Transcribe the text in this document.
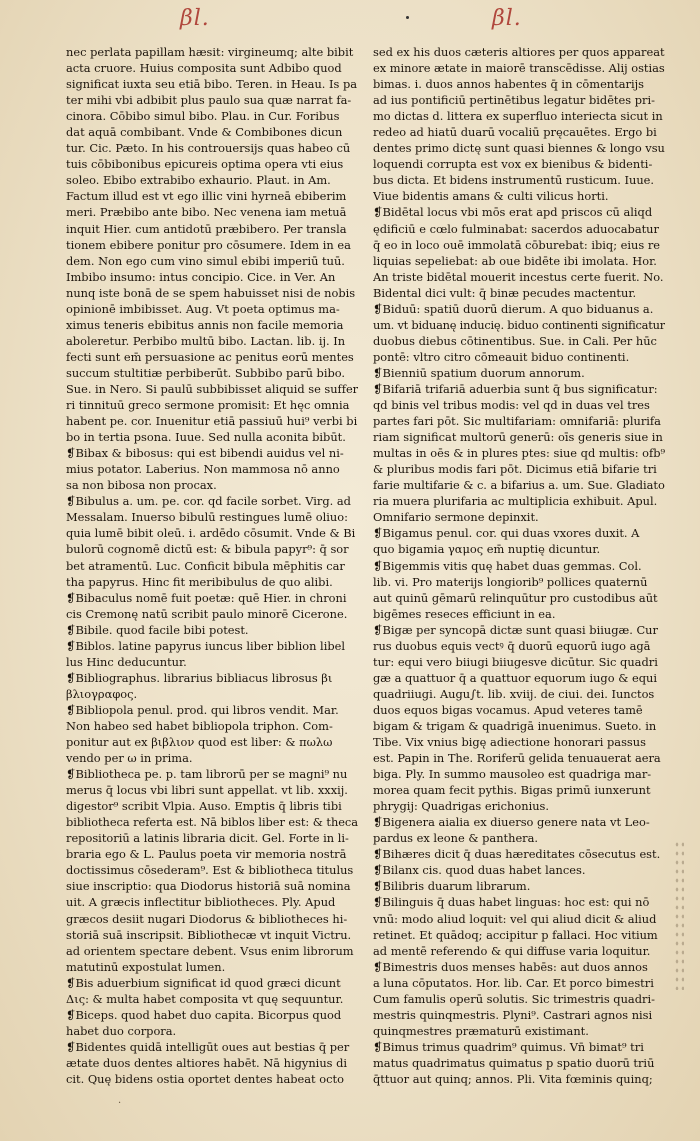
βl.	βl.
nec perlata papillam hæsit: virgineumq; alte bibit
acta cruore. Huius composita sunt Adbibo quod
significat iuxta seu etiā bibo. Teren. in Heau. Is pa
ter mihi vbi adbibit plus paulo sua quæ narrat fa-
cinora. Cōbibo simul bibo. Plau. in Cur. Foribus
dat aquā combibant. Vnde & Combibones dicun
tur. Cic. Pæto. In his controuersijs quas habeo cū
tuis cōbibonibus epicureis optima opera vti eius
soleo. Ebibo extrabibo exhaurio. Plaut. in Am.
Factum illud est vt ego illic vini hyrneā ebiberim
meri. Præbibo ante bibo. Nec venena iam metuā
inquit Hier. cum antidotū præbibero. Per transla
tionem ebibere ponitur pro cōsumere. Idem in ea
dem. Non ego cum vino simul ebibi imperiū tuū.
Imbibo insumo: intus concipio. Cice. in Ver. An
nunq iste bonā de se spem habuisset nisi de nobis
opinionē imbibisset. Aug. Vt poeta optimus ma-
ximus teneris ebibitus annis non facile memoria
aboleretur. Perbibo multū bibo. Lactan. lib. ij. In
fecti sunt em̄ persuasione ac penitus eorū mentes
succum stultitiæ perbiberūt. Subbibo parū bibo.
Sue. in Nero. Si paulū subbibisset aliquid se suffer
ri tinnituū greco sermone promisit: Et hęc omnia
habent pe. cor. Inuenitur etiā passiuū hui⁹ verbi bi
bo in tertia psona. Iuue. Sed nulla aconita bibūt.
❡Bibax & bibosus: qui est bibendi auidus vel ni-
mius potator. Laberius. Non mammosa nō anno
sa non bibosa non procax.
❡Bibulus a. um. pe. cor. qd facile sorbet. Virg. ad
Messalam. Inuerso bibulū restingues lumē oliuo:
quia lumē bibit oleū. i. ardēdo cōsumit. Vnde & Bi
bulorū cognomē dictū est: & bibula papyr⁹: q̄ sor
bet atramentū. Luc. Conficit bibula mēphitis car
tha papyrus. Hinc fit meribibulus de quo alibi.
❡Bibaculus nomē fuit poetæ: quē Hier. in chroni
cis Cremonę natū scribit paulo minorē Cicerone.
❡Bibile. quod facile bibi potest.
❡Biblos. latine papyrus iuncus liber biblion libel
lus Hinc deducuntur.
❡Bibliographus. librarius bibliacus librosus βι
βλιογραφος.
❡Bibliopola penul. prod. qui libros vendit. Mar.
Non habeo sed habet bibliopola triphon. Com-
ponitur aut ex βιβλιον quod est liber: & πωλω
vendo per ω in prima.
❡Bibliotheca pe. p. tam librorū per se magni⁹ nu
merus q̄ locus vbi libri sunt appellat. vt lib. xxxij.
digestor⁹ scribit Vlpia. Auso. Emptis q̄ libris tibi
bibliotheca referta est. Nā biblos liber est: & theca
repositoriū a latinis libraria dicit. Gel. Forte in li-
braria ego & L. Paulus poeta vir memoria nostrā
doctissimus cōsederam⁹. Est & bibliotheca titulus
siue inscriptio: qua Diodorus historiā suā nomina
uit. A græcis inflectitur bibliotheces. Ply. Apud
græcos desiit nugari Diodorus & bibliotheces hi-
storiā suā inscripsit. Bibliothecæ vt inquit Victru.
ad orientem spectare debent. Vsus enim librorum
matutinū expostulat lumen.
❡Bis aduerbium significat id quod græci dicunt
Δις: & multa habet composita vt quę sequuntur.
❡Biceps. quod habet duo capita. Bicorpus quod
habet duo corpora.
❡Bidentes quidā intelligūt oues aut bestias q̄ per
ætate duos dentes altiores habēt. Nā higynius di
cit. Quę bidens ostia oportet dentes habeat octo
sed ex his duos cæteris altiores per quos appareat
ex minore ætate in maiorē transcēdisse. Alij ostias
bimas. i. duos annos habentes q̄ in cōmentarijs
ad ius pontificiū pertinētibus legatur bidētes pri-
mo dictas d. littera ex superfluo interiecta sicut in
redeo ad hiatū duarū vocaliū pręcauētes. Ergo bi
dentes primo dictę sunt quasi biennes & longo vsu
loquendi corrupta est vox ex bienibus & bidenti-
bus dicta. Et bidens instrumentū rusticum. Iuue.
Viue bidentis amans & culti vilicus horti.
❡Bidētal locus vbi mōs erat apd priscos cū aliqd
ędificiū e cœlo fulminabat: sacerdos aduocabatur
q̄ eo in loco ouē immolatā cōburebat: ibiq; eius re
liquias sepeliebat: ab oue bidēte ibi imolata. Hor.
An triste bidētal mouerit incestus certe fuerit. No.
Bidental dici vult: q̄ binæ pecudes mactentur.
❡Biduū: spatiū duorū dierum. A quo biduanus a.
um. vt biduanę inducię. biduo continenti significatur
duobus diebus cōtinentibus. Sue. in Cali. Per hūc
pontē: vltro citro cōmeauit biduo continenti.
❡Bienniū spatium duorum annorum.
❡Bifariā trifariā aduerbia sunt q̄ bus significatur:
qd binis vel tribus modis: vel qd in duas vel tres
partes fari pōt. Sic multifariam: omnifariā: plurifa
riam significat multorū generū: oīs generis siue in
multas in oēs & in plures ptes: siue qd multis: ofb⁹
& pluribus modis fari pōt. Dicimus etiā bifarie tri
farie multifarie & c. a bifarius a. um. Sue. Gladiato
ria muera plurifaria ac multiplicia exhibuit. Apul.
Omnifario sermone depinxit.
❡Bigamus penul. cor. qui duas vxores duxit. A
quo bigamia γαμος em̄ nuptię dicuntur.
❡Bigemmis vitis quę habet duas gemmas. Col.
lib. vi. Pro materijs longiorib⁹ pollices quaternū
aut quinū gēmarū relinquūtur pro custodibus aūt
bigēmes reseces efficiunt in ea.
❡Bigæ per syncopā dictæ sunt quasi biiugæ. Cur
rus duobus equis vectꝰ q̄ duorū equorū iugo agā
tur: equi vero biiugi biiugesve dicūtur. Sic quadri
gæ a quattuor q̄ a quattuor equorum iugo & equi
quadriiugi. Augu∫t. lib. xviij. de ciui. dei. Iunctos
duos equos bigas vocamus. Apud veteres tamē
bigam & trigam & quadrigā inuenimus. Sueto. in
Tibe. Vix vnius bigę adiectione honorari passus
est. Papin in The. Roriferū gelida tenuauerat aera
biga. Ply. In summo mausoleo est quadriga mar-
morea quam fecit pythis. Bigas primū iunxerunt
phrygij: Quadrigas erichonius.
❡Bigenera aialia ex diuerso genere nata vt Leo-
pardus ex leone & panthera.
❡Bihæres dicit q̄ duas hæreditates cōsecutus est.
❡Bilanx cis. quod duas habet lances.
❡Bilibris duarum librarum.
❡Bilinguis q̄ duas habet linguas: hoc est: qui nō
vnū: modo aliud loquit: vel qui aliud dicit & aliud
retinet. Et quādoq; accipitur p fallaci. Hoc vitium
ad mentē referendo & qui diffuse varia loquitur.
❡Bimestris duos menses habēs: aut duos annos
a luna cōputatos. Hor. lib. Car. Et porco bimestri
Cum famulis operū solutis. Sic trimestris quadri-
mestris quinqmestris. Plyni⁹. Castrari agnos nisi
quinqmestres præmaturū existimant.
❡Bimus trimus quadrim⁹ quimus. Vn̄ bimat⁹ tri
matus quadrimatus quimatus p spatio duorū triū
q̄ttuor aut quinq; annos. Pli. Vita fœminis quinq;
·
